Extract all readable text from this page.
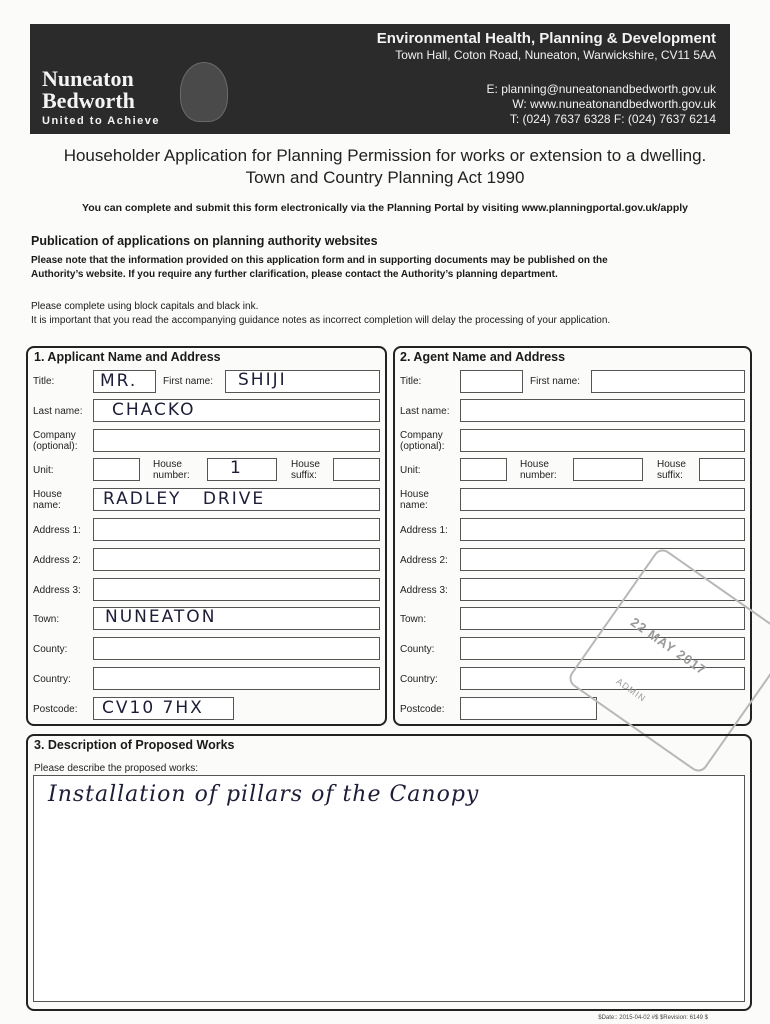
Nuneaton
Bedworth
United to Achieve
Environmental Health, Planning & Development
Town Hall, Coton Road, Nuneaton, Warwickshire, CV11 5AA
E: planning@nuneatonandbedworth.gov.uk
W: www.nuneatonandbedworth.gov.uk
T: (024) 7637 6328 F: (024) 7637 6214
Householder Application for Planning Permission for works or extension to a dwelling.
Town and Country Planning Act 1990
You can complete and submit this form electronically via the Planning Portal by visiting www.planningportal.gov.uk/apply
Publication of applications on planning authority websites
Please note that the information provided on this application form and in supporting documents may be published on the
Authority’s website. If you require any further clarification, please contact the Authority’s planning department.
Please complete using block capitals and black ink.
It is important that you read the accompanying guidance notes as incorrect completion will delay the processing of your application.
1. Applicant Name and Address
Title:	MR.	First name: SHIJI
Last name: CHACKO
Company
(optional):
Unit:
House
number: 1	House
suffix:
House
name: RADLEY DRIVE
Address 1:
Address 2:
Address 3:
Town:	NUNEATON
County:
Country:
Postcode: CV10 7HX
2. Agent Name and Address
Title:	First name:
Last name:
Company
(optional):
Unit:
House
number:
House
suffix:
House
name:
Address 1:
Address 2:
Address 3:
Town:
County:
Country:
Postcode:
22 MAY 2017
ADMIN
3. Description of Proposed Works
Please describe the proposed works:
Installation of pillars of the Canopy
$Date:: 2015-04-02 #$ $Revision: 6149 $
